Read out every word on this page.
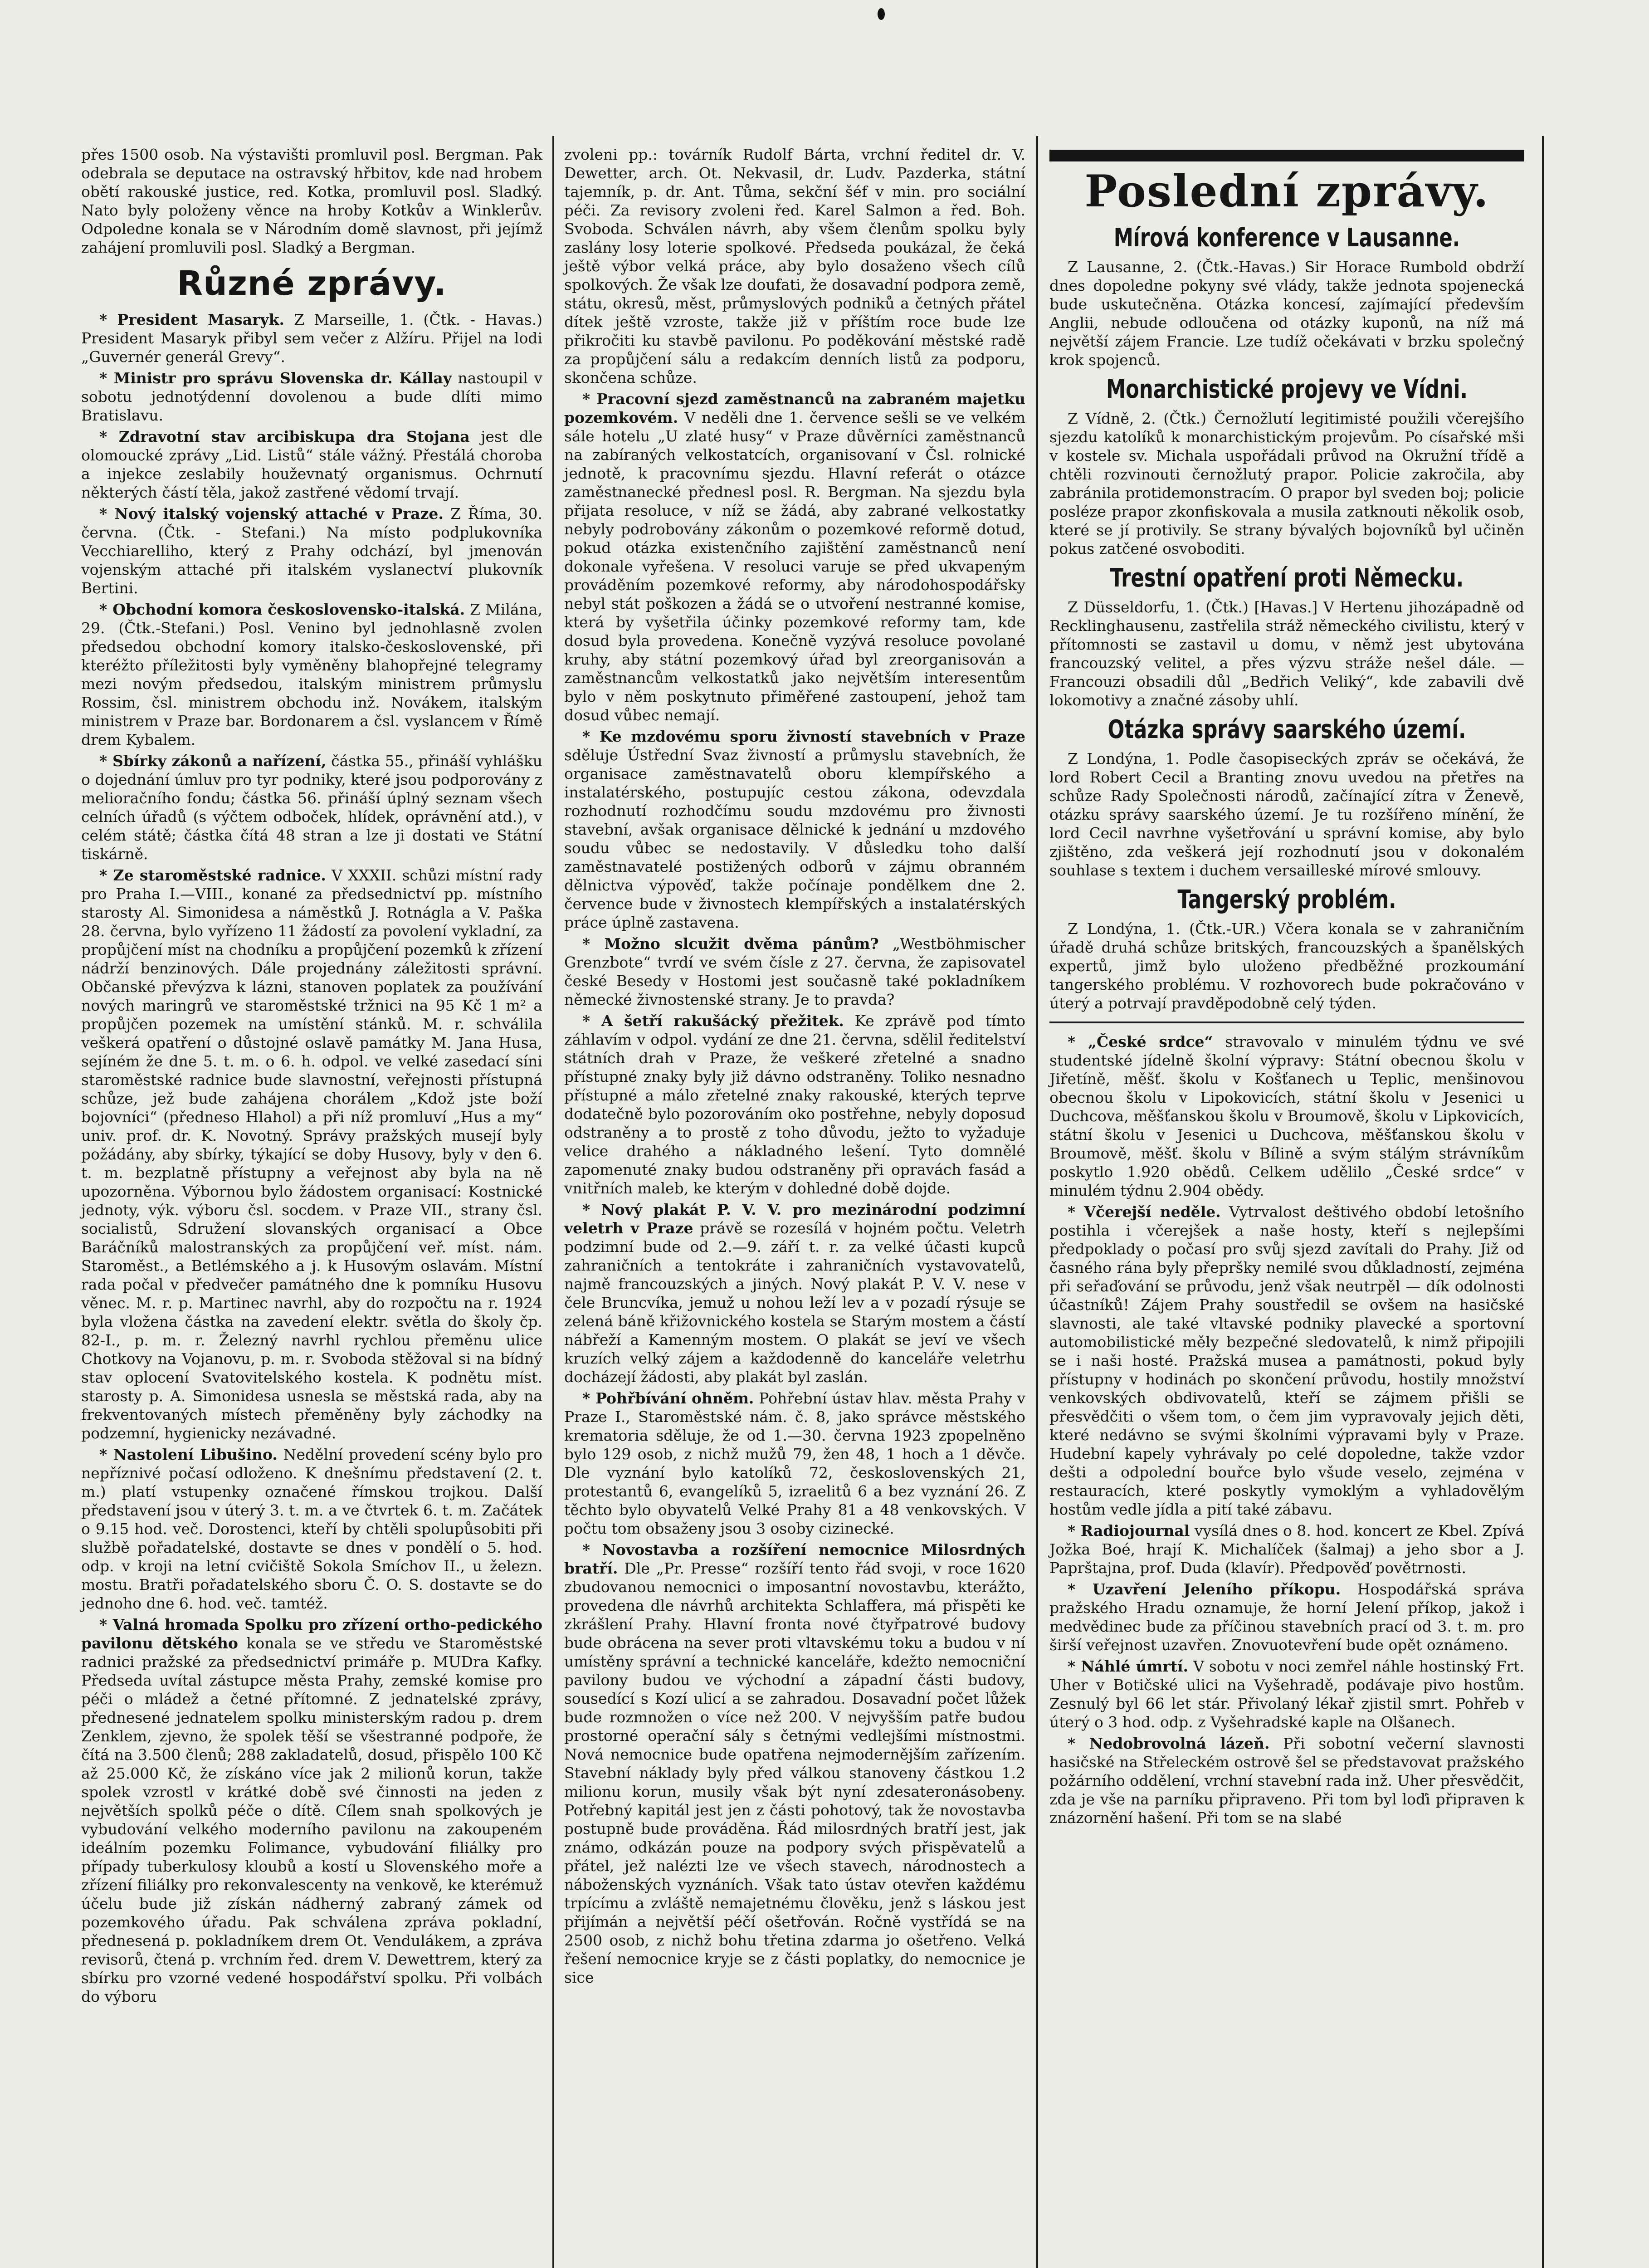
přes 1500 osob. Na výstavišti promluvil posl. Bergman. Pak odebrala se deputace na ostravský hřbitov, kde nad hrobem obětí rakouské justice, red. Kotka, promluvil posl. Sladký. Nato byly položeny věnce na hroby Kotkův a Winklerův. Odpoledne konala se v Národním domě slavnost, při jejímž zahájení promluvili posl. Sladký a Bergman.

Různé zprávy.

* President Masaryk. Z Marseille, 1. (Čtk. - Havas.) President Masaryk přibyl sem večer z Alžíru. Přijel na lodi „Guvernér generál Grevy“.

* Ministr pro správu Slovenska dr. Kállay nastoupil v sobotu jednotýdenní dovolenou a bude dlíti mimo Bratislavu.

* Zdravotní stav arcibiskupa dra Stojana jest dle olomoucké zprávy „Lid. Listů“ stále vážný. Přestálá choroba a injekce zeslabily houževnatý organismus. Ochrnutí některých částí těla, jakož zastřené vědomí trvají.

* Nový italský vojenský attaché v Praze. Z Říma, 30. června. (Čtk. - Stefani.) Na místo podplukovníka Vecchiarelliho, který z Prahy odchází, byl jmenován vojenským attaché při italském vyslanectví plukovník Bertini.

* Obchodní komora československo-italská. Z Milána, 29. (Čtk.-Stefani.) Posl. Venino byl jednohlasně zvolen předsedou obchodní komory italsko-československé, při kteréžto příležitosti byly vyměněny blahopřejné telegramy mezi novým předsedou, italským ministrem průmyslu Rossim, čsl. ministrem obchodu inž. Novákem, italským ministrem v Praze bar. Bordonarem a čsl. vyslancem v Římě drem Kybalem.

* Sbírky zákonů a nařízení, částka 55., přináší vyhlášku o dojednání úmluv pro tyr podniky, které jsou podporovány z melioračního fondu; částka 56. přináší úplný seznam všech celních úřadů (s výčtem odboček, hlídek, oprávnění atd.), v celém státě; částka čítá 48 stran a lze ji dostati ve Státní tiskárně.

* Ze staroměstské radnice. V XXXII. schůzi místní rady pro Praha I.—VIII., konané za předsednictví pp. místního starosty Al. Simonidesa a náměstků J. Rotnágla a V. Paška 28. června, bylo vyřízeno 11 žádostí za povolení vykladní, za propůjčení míst na chodníku a propůjčení pozemků k zřízení nádrží benzinových. Dále projednány záležitosti správní. Občanské převýzva k lázni, stanoven poplatek za používání nových maringrů ve staroměstské tržnici na 95 Kč 1 m² a propůjčen pozemek na umístění stánků. M. r. schválila veškerá opatření o důstojné oslavě památky M. Jana Husa, sejíném že dne 5. t. m. o 6. h. odpol. ve velké zasedací síni staroměstské radnice bude slavnostní, veřejnosti přístupná schůze, jež bude zahájena chorálem „Kdož jste boží bojovníci“ (předneso Hlahol) a při níž promluví „Hus a my“ univ. prof. dr. K. Novotný. Správy pražských musejí byly požádány, aby sbírky, týkající se doby Husovy, byly v den 6. t. m. bezplatně přístupny a veřejnost aby byla na ně upozorněna. Výbornou bylo žádostem organisací: Kostnické jednoty, výk. výboru čsl. socdem. v Praze VII., strany čsl. socialistů, Sdružení slovanských organisací a Obce Baráčníků malostranských za propůjčení veř. míst. nám. Staroměst., a Betlémského a j. k Husovým oslavám. Místní rada počal v předvečer památného dne k pomníku Husovu věnec. M. r. p. Martinec navrhl, aby do rozpočtu na r. 1924 byla vložena částka na zavedení elektr. světla do školy čp. 82-I., p. m. r. Železný navrhl rychlou přeměnu ulice Chotkovy na Vojanovu, p. m. r. Svoboda stěžoval si na bídný stav oplocení Svatovitelského kostela. K podnětu míst. starosty p. A. Simonidesa usnesla se městská rada, aby na frekventovaných místech přeměněny byly záchodky na podzemní, hygienicky nezávadné.

* Nastolení Libušino. Nedělní provedení scény bylo pro nepříznivé počasí odloženo. K dnešnímu představení (2. t. m.) platí vstupenky označené římskou trojkou. Další představení jsou v úterý 3. t. m. a ve čtvrtek 6. t. m. Začátek o 9.15 hod. več. Dorostenci, kteří by chtěli spolupůsobiti při službě pořadatelské, dostavte se dnes v pondělí o 5. hod. odp. v kroji na letní cvičiště Sokola Smíchov II., u železn. mostu. Bratři pořadatelského sboru Č. O. S. dostavte se do jednoho dne 6. hod. več. tamtéž.

* Valná hromada Spolku pro zřízení ortho-pedického pavilonu dětského konala se ve středu ve Staroměstské radnici pražské za předsednictví primáře p. MUDra Kafky. Předseda uvítal zástupce města Prahy, zemské komise pro péči o mládež a četné přítomné. Z jednatelské zprávy, přednesené jednatelem spolku ministerským radou p. drem Zenklem, zjevno, že spolek těší se všestranné podpoře, že čítá na 3.500 členů; 288 zakladatelů, dosud, přispělo 100 Kč až 25.000 Kč, že získáno více jak 2 milionů korun, takže spolek vzrostl v krátké době své činnosti na jeden z největších spolků péče o dítě. Cílem snah spolkových je vybudování velkého moderního pavilonu na zakoupeném ideálním pozemku Folimance, vybudování filiálky pro případy tuberkulosy kloubů a kostí u Slovenského moře a zřízení filiálky pro rekonvalescenty na venkově, ke kterémuž účelu bude již získán nádherný zabraný zámek od pozemkového úřadu. Pak schválena zpráva pokladní, přednesená p. pokladníkem drem Ot. Vendulákem, a zpráva revisorů, čtená p. vrchním řed. drem V. Dewettrem, který za sbírku pro vzorné vedené hospodářství spolku. Při volbách do výboru

zvoleni pp.: továrník Rudolf Bárta, vrchní ředitel dr. V. Dewetter, arch. Ot. Nekvasil, dr. Ludv. Pazderka, státní tajemník, p. dr. Ant. Tůma, sekční šéf v min. pro sociální péči. Za revisory zvoleni řed. Karel Salmon a řed. Boh. Svoboda. Schválen návrh, aby všem členům spolku byly zaslány losy loterie spolkové. Předseda poukázal, že čeká ještě výbor velká práce, aby bylo dosaženo všech cílů spolkových. Že však lze doufati, že dosavadní podpora země, státu, okresů, měst, průmyslových podniků a četných přátel dítek ještě vzroste, takže již v příštím roce bude lze přikročiti ku stavbě pavilonu. Po poděkování městské radě za propůjčení sálu a redakcím denních listů za podporu, skončena schůze.

* Pracovní sjezd zaměstnanců na zabraném majetku pozemkovém. V neděli dne 1. července sešli se ve velkém sále hotelu „U zlaté husy“ v Praze důvěrníci zaměstnanců na zabíraných velkostatcích, organisovaní v Čsl. rolnické jednotě, k pracovnímu sjezdu. Hlavní referát o otázce zaměstnanecké přednesl posl. R. Bergman. Na sjezdu byla přijata resoluce, v níž se žádá, aby zabrané velkostatky nebyly podrobovány zákonům o pozemkové reformě dotud, pokud otázka existenčního zajištění zaměstnanců není dokonale vyřešena. V resoluci varuje se před ukvapeným prováděním pozemkové reformy, aby národohospodářsky nebyl stát poškozen a žádá se o utvoření nestranné komise, která by vyšetřila účinky pozemkové reformy tam, kde dosud byla provedena. Konečně vyzývá resoluce povolané kruhy, aby státní pozemkový úřad byl zreorganisován a zaměstnancům velkostatků jako největším interesentům bylo v něm poskytnuto přiměřené zastoupení, jehož tam dosud vůbec nemají.

* Ke mzdovému sporu živností stavebních v Praze sděluje Ústřední Svaz živností a průmyslu stavebních, že organisace zaměstnavatelů oboru klempířského a instalatérského, postupujíc cestou zákona, odevzdala rozhodnutí rozhodčímu soudu mzdovému pro živnosti stavební, avšak organisace dělnické k jednání u mzdového soudu vůbec se nedostavily. V důsledku toho další zaměstnavatelé postižených odborů v zájmu obranném dělnictva výpověď, takže počínaje pondělkem dne 2. července bude v živnostech klempířských a instalatérských práce úplně zastavena.

* Možno slcužit dvěma pánům? „Westböhmischer Grenzbote“ tvrdí ve svém čísle z 27. června, že zapisovatel české Besedy v Hostomi jest současně také pokladníkem německé živnostenské strany. Je to pravda?

* A šetří rakušácký přežitek. Ke zprávě pod tímto záhlavím v odpol. vydání ze dne 21. června, sdělil ředitelství státních drah v Praze, že veškeré zřetelné a snadno přístupné znaky byly již dávno odstraněny. Toliko nesnadno přístupné a málo zřetelné znaky rakouské, kterých teprve dodatečně bylo pozorováním oko postřehne, nebyly doposud odstraněny a to prostě z toho důvodu, ježto to vyžaduje velice drahého a nákladného lešení. Tyto domnělé zapomenuté znaky budou odstraněny při opravách fasád a vnitřních maleb, ke kterým v dohledné době dojde.

* Nový plakát P. V. V. pro mezinárodní podzimní veletrh v Praze právě se rozesílá v hojném počtu. Veletrh podzimní bude od 2.—9. září t. r. za velké účasti kupců zahraničních a tentokráte i zahraničních vystavovatelů, najmě francouzských a jiných. Nový plakát P. V. V. nese v čele Bruncvíka, jemuž u nohou leží lev a v pozadí rýsuje se zelená báně křižovnického kostela se Starým mostem a částí nábřeží a Kamenným mostem. O plakát se jeví ve všech kruzích velký zájem a každodenně do kanceláře veletrhu docházejí žádosti, aby plakát byl zaslán.

* Pohřbívání ohněm. Pohřební ústav hlav. města Prahy v Praze I., Staroměstské nám. č. 8, jako správce městského krematoria sděluje, že od 1.—30. června 1923 zpopelněno bylo 129 osob, z nichž mužů 79, žen 48, 1 hoch a 1 děvče. Dle vyznání bylo katolíků 72, československých 21, protestantů 6, evangelíků 5, izraelitů 6 a bez vyznání 26. Z těchto bylo obyvatelů Velké Prahy 81 a 48 venkovských. V počtu tom obsaženy jsou 3 osoby cizinecké.

* Novostavba a rozšíření nemocnice Milosrdných bratří. Dle „Pr. Presse“ rozšíří tento řád svoji, v roce 1620 zbudovanou nemocnici o imposantní novostavbu, kterážto, provedena dle návrhů architekta Schlaffera, má přispěti ke zkrášlení Prahy. Hlavní fronta nové čtyřpatrové budovy bude obrácena na sever proti vltavskému toku a budou v ní umístěny správní a technické kanceláře, kdežto nemocniční pavilony budou ve východní a západní části budovy, sousedící s Kozí ulicí a se zahradou. Dosavadní počet lůžek bude rozmnožen o více než 200. V nejvyšším patře budou prostorné operační sály s četnými vedlejšími místnostmi. Nová nemocnice bude opatřena nejmodernějším zařízením. Stavební náklady byly před válkou stanoveny částkou 1.2 milionu korun, musily však být nyní zdesateronásobeny. Potřebný kapitál jest jen z části pohotový, tak že novostavba postupně bude prováděna. Řád milosrdných bratří jest, jak známo, odkázán pouze na podpory svých přispěvatelů a přátel, jež nalézti lze ve všech stavech, národnostech a náboženských vyznáních. Však tato ústav otevřen každému trpícímu a zvláště nemajetnému člověku, jenž s láskou jest přijímán a největší péčí ošetřován. Ročně vystřídá se na 2500 osob, z nichž bohu třetina zdarma jo ošetřeno. Velká řešení nemocnice kryje se z části poplatky, do nemocnice je sice

Poslední zprávy.
Mírová konference v Lausanne.

Z Lausanne, 2. (Čtk.-Havas.) Sir Horace Rumbold obdrží dnes dopoledne pokyny své vlády, takže jednota spojenecká bude uskutečněna. Otázka koncesí, zajímající především Anglii, nebude odloučena od otázky kuponů, na níž má největší zájem Francie. Lze tudíž očekávati v brzku společný krok spojenců.

Monarchistické projevy ve Vídni.

Z Vídně, 2. (Čtk.) Černožlutí legitimisté použili včerejšího sjezdu katolíků k monarchistickým projevům. Po císařské mši v kostele sv. Michala uspořádali průvod na Okružní třídě a chtěli rozvinouti černožlutý prapor. Policie zakročila, aby zabránila protidemonstracím. O prapor byl sveden boj; policie posléze prapor zkonfiskovala a musila zatknouti několik osob, které se jí protivily. Se strany bývalých bojovníků byl učiněn pokus zatčené osvoboditi.

Trestní opatření proti Německu.

Z Düsseldorfu, 1. (Čtk.) [Havas.] V Hertenu jihozápadně od Recklinghausenu, zastřelila stráž německého civilistu, který v přítomnosti se zastavil u domu, v němž jest ubytována francouzský velitel, a přes výzvu stráže nešel dále. — Francouzi obsadili důl „Bedřich Veliký“, kde zabavili dvě lokomotivy a značné zásoby uhlí.

Otázka správy saarského území.

Z Londýna, 1. Podle časopiseckých zpráv se očekává, že lord Robert Cecil a Branting znovu uvedou na přetřes na schůze Rady Společnosti národů, začínající zítra v Ženevě, otázku správy saarského území. Je tu rozšířeno mínění, že lord Cecil navrhne vyšetřování u správní komise, aby bylo zjištěno, zda veškerá její rozhodnutí jsou v dokonalém souhlase s textem i duchem versailleské mírové smlouvy.

Tangerský problém.

Z Londýna, 1. (Čtk.-UR.) Včera konala se v zahraničním úřadě druhá schůze britských, francouzských a španělských expertů, jimž bylo uloženo předběžné prozkoumání tangerského problému. V rozhovorech bude pokračováno v úterý a potrvají pravděpodobně celý týden.

* „České srdce“ stravovalo v minulém týdnu ve své studentské jídelně školní výpravy: Státní obecnou školu v Jiřetíně, měšť. školu v Košťanech u Teplic, menšinovou obecnou školu v Lipokovicích, státní školu v Jesenici u Duchcova, měšťanskou školu v Broumově, školu v Lipkovicích, státní školu v Jesenici u Duchcova, měšťanskou školu v Broumově, měšť. školu v Bílině a svým stálým strávníkům poskytlo 1.920 obědů. Celkem udělilo „České srdce“ v minulém týdnu 2.904 obědy.

* Včerejší neděle. Vytrvalost deštivého období letošního postihla i včerejšek a naše hosty, kteří s nejlepšími předpoklady o počasí pro svůj sjezd zavítali do Prahy. Již od časného rána byly přepršky nemilé svou důkladností, zejména při seřaďování se průvodu, jenž však neutrpěl — dík odolnosti účastníků! Zájem Prahy soustředil se ovšem na hasičské slavnosti, ale také vltavské podniky plavecké a sportovní automobilistické měly bezpečné sledovatelů, k nimž připojili se i naši hosté. Pražská musea a památnosti, pokud byly přístupny v hodinách po skončení průvodu, hostily množství venkovských obdivovatelů, kteří se zájmem přišli se přesvědčiti o všem tom, o čem jim vypravovaly jejich děti, které nedávno se svými školními výpravami byly v Praze. Hudební kapely vyhrávaly po celé dopoledne, takže vzdor dešti a odpolední bouřce bylo všude veselo, zejména v restauracích, které poskytly vymoklým a vyhladovělým hostům vedle jídla a pití také zábavu.

* Radiojournal vysílá dnes o 8. hod. koncert ze Kbel. Zpívá Jožka Boé, hrají K. Michalíček (šalmaj) a jeho sbor a J. Paprštajna, prof. Duda (klavír). Předpověď povětrnosti.

* Uzavření Jeleního příkopu. Hospodářská správa pražského Hradu oznamuje, že horní Jelení příkop, jakož i medvědinec bude za příčinou stavebních prací od 3. t. m. pro širší veřejnost uzavřen. Znovuotevření bude opět oznámeno.

* Náhlé úmrtí. V sobotu v noci zemřel náhle hostinský Frt. Uher v Botičské ulici na Vyšehradě, podávaje pivo hostům. Zesnulý byl 66 let stár. Přivolaný lékař zjistil smrt. Pohřeb v úterý o 3 hod. odp. z Vyšehradské kaple na Olšanech.

* Nedobrovolná lázeň. Při sobotní večerní slavnosti hasičské na Střeleckém ostrově šel se představovat pražského požárního oddělení, vrchní stavební rada inž. Uher přesvědčit, zda je vše na parníku připraveno. Při tom byl loďi připraven k znázornění hašení. Při tom se na slabé
